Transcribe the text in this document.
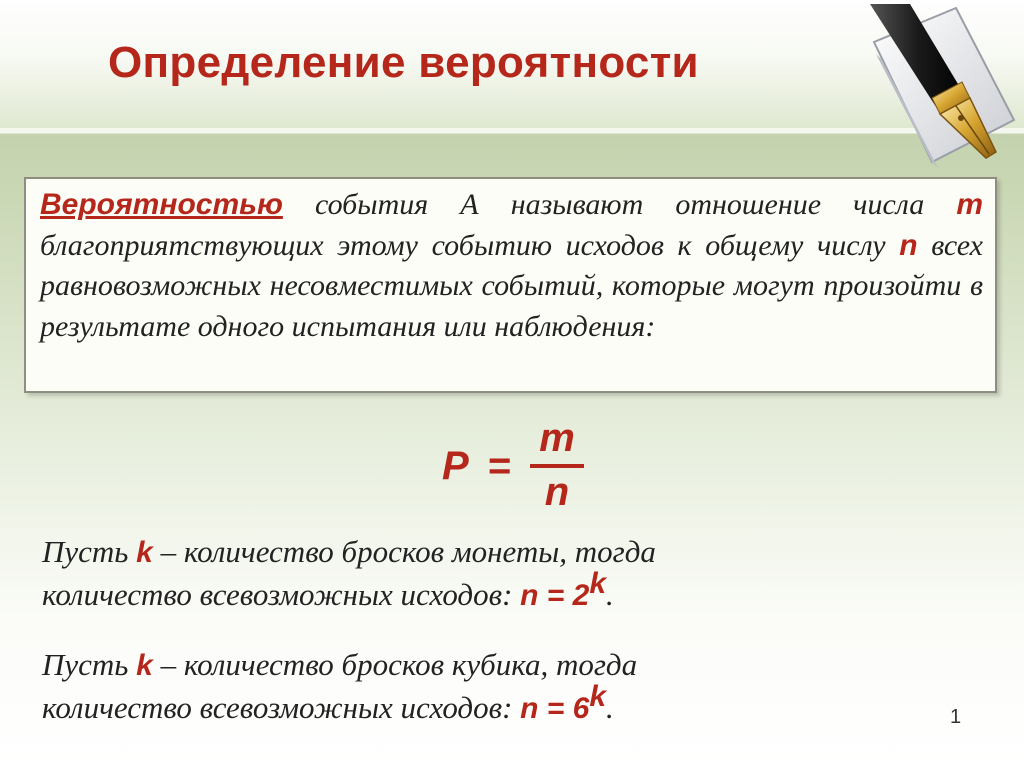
Определение вероятности
Вероятностью события А называют отношение числа m благоприятствующих этому событию исходов к общему числу n всех равновозможных несовместимых событий, которые могут произойти в результате одного испытания или наблюдения:
P =
m
n
Пусть k – количество бросков монеты, тогда
количество всевозможных исходов: $n = 2^k$.
Пусть k – количество бросков кубика, тогда
количество всевозможных исходов: $n = 6^k$.	1
